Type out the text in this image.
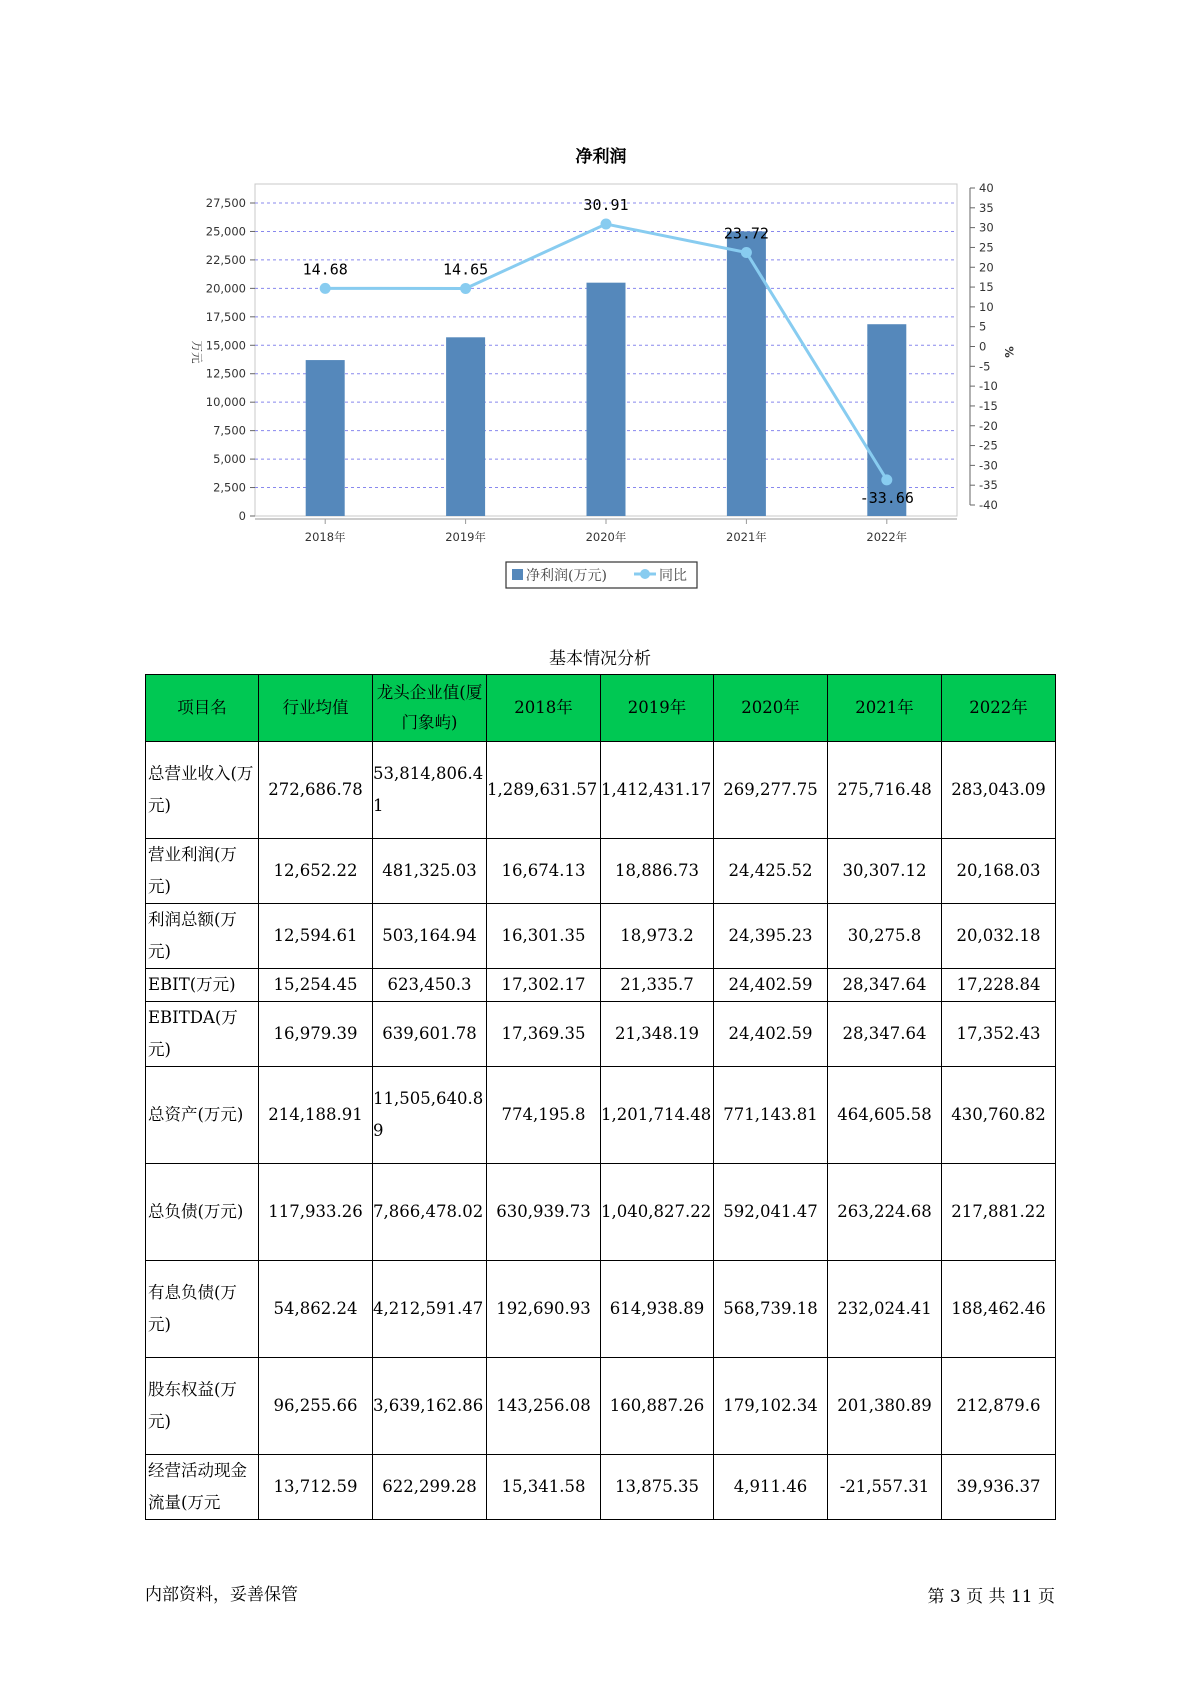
净利润
0
2,500
5,000
7,500
10,000
12,500
15,000
17,500
20,000
22,500
25,000
27,500
万元
-40
-35
-30
-25
-20
-15
-10
-5
0
5
10
15
20
25
30
35
40
%
2018年	2019年	2020年	2021年	2022年
14.68	14.65
30.91
23.72
-33.66
净利润(万元)	同比
基本情况分析
项目名	行业均值	龙头企业值(厦门象屿)	2018年	2019年	2020年	2021年	2022年
总营业收入(万元)	272,686.78	53,814,806.41	1,289,631.57	1,412,431.17	269,277.75	275,716.48	283,043.09
营业利润(万元)	12,652.22	481,325.03	16,674.13	18,886.73	24,425.52	30,307.12	20,168.03
利润总额(万元)	12,594.61	503,164.94	16,301.35	18,973.2	24,395.23	30,275.8	20,032.18
EBIT(万元)	15,254.45	623,450.3	17,302.17	21,335.7	24,402.59	28,347.64	17,228.84
EBITDA(万元)	16,979.39	639,601.78	17,369.35	21,348.19	24,402.59	28,347.64	17,352.43
总资产(万元)	214,188.91	11,505,640.89	774,195.8	1,201,714.48	771,143.81	464,605.58	430,760.82
总负债(万元)	117,933.26	7,866,478.02	630,939.73	1,040,827.22	592,041.47	263,224.68	217,881.22
有息负债(万元)	54,862.24	4,212,591.47	192,690.93	614,938.89	568,739.18	232,024.41	188,462.46
股东权益(万元)	96,255.66	3,639,162.86	143,256.08	160,887.26	179,102.34	201,380.89	212,879.6
经营活动现金流量(万元	13,712.59	622,299.28	15,341.58	13,875.35	4,911.46	-21,557.31	39,936.37
内部资料，妥善保管	第 3 页 共 11 页
